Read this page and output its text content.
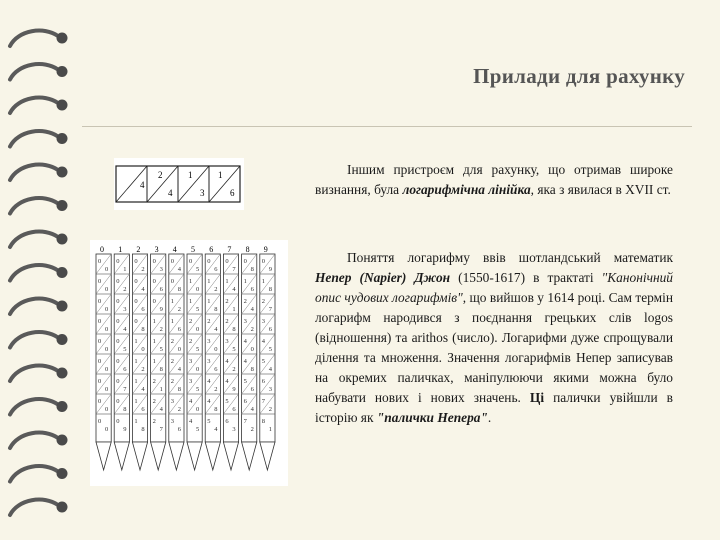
Прилади для рахунку
4
2
4
1
3
1
6
0
0
0
0
0
0
0
0
0
0
0
0
0
0
0
0
0
0
0
1
0
1
0
2
0
3
0
4
0
5
0
6
0
7
0
8
0
9
2
0
2
0
4
0
6
0
8
1
0
1
2
1
4
1
6
1
8
3
0
3
0
6
0
9
1
2
1
5
1
8
2
1
2
4
2
7
4
0
4
0
8
1
2
1
6
2
0
2
4
2
8
3
2
3
6
5
0
5
1
0
1
5
2
0
2
5
3
0
3
5
4
0
4
5
6
0
6
1
2
1
8
2
4
3
0
3
6
4
2
4
8
5
4
7
0
7
1
4
2
1
2
8
3
5
4
2
4
9
5
6
6
3
8
0
8
1
6
2
4
3
2
4
0
4
8
5
6
6
4
7
2
9
0
9
1
8
2
7
3
6
4
5
5
4
6
3
7
2
8
1

Іншим пристроєм для рахунку, що отримав широке визнання, була логарифмічна лінійка, яка з явилася в XVII ст.

Поняття логарифму ввів шотландський математик Непер (Napier) Джон (1550-1617) в трактаті "Канонічний опис чудових логарифмів", що вийшов у 1614 році. Сам термін логарифм народився з поєднання грецьких слів logos (відношення) та arithos (число). Логарифми дуже спрощували ділення та множення. Значення логарифмів Непер записував на окремих паличках, маніпулюючи якими можна було набувати нових і нових значень. Ці палички увійшли в історію як "палички Непера".
